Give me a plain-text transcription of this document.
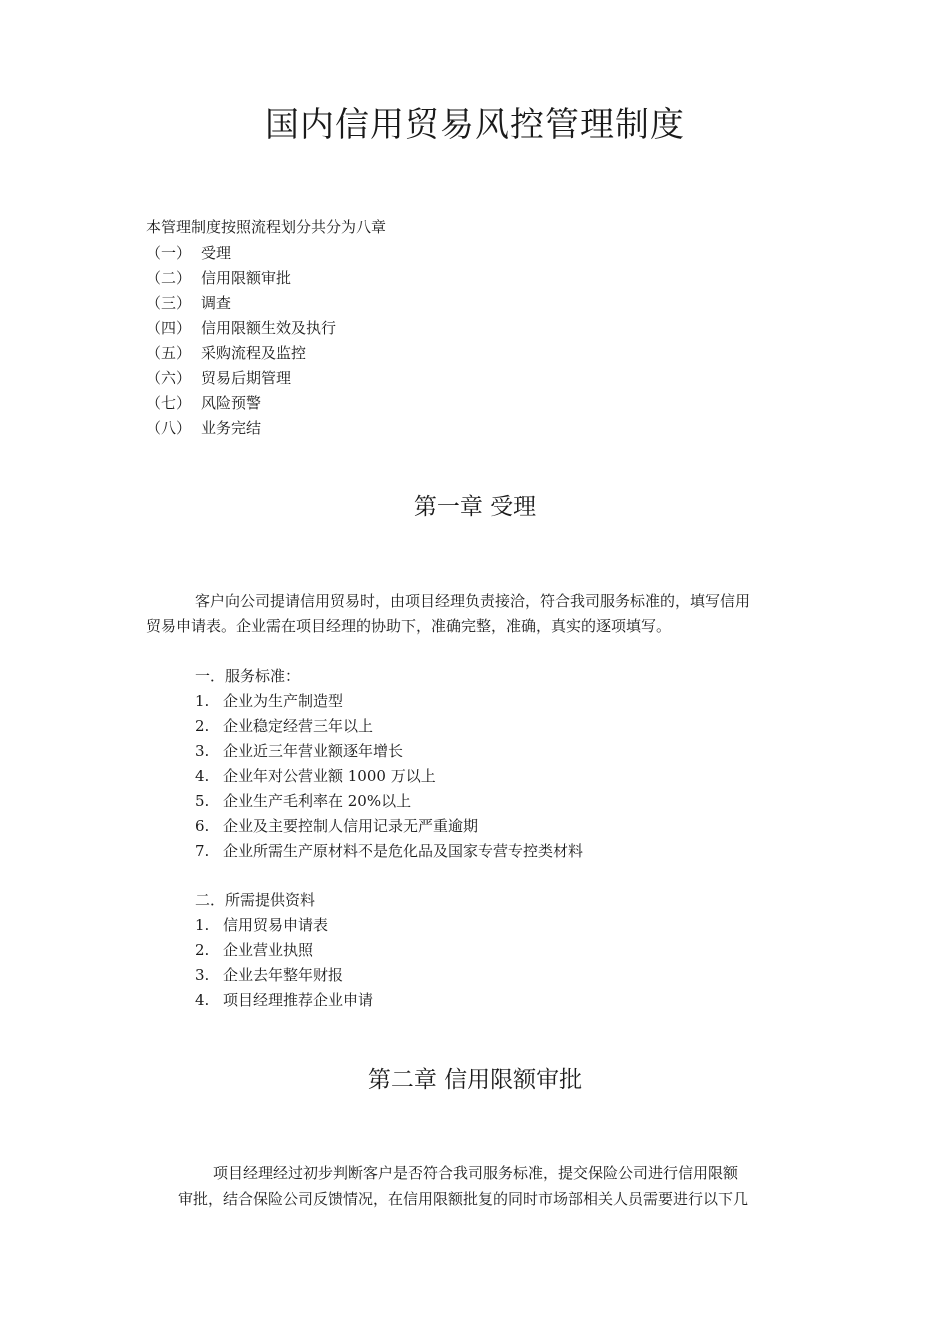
国内信用贸易风控管理制度
本管理制度按照流程划分共分为八章
（一） 受理
（二） 信用限额审批
（三） 调查
（四） 信用限额生效及执行
（五） 采购流程及监控
（六） 贸易后期管理
（七） 风险预警
（八） 业务完结
第一章 受理
客户向公司提请信用贸易时，由项目经理负责接洽，符合我司服务标准的，填写信用
贸易申请表。企业需在项目经理的协助下，准确完整，准确，真实的逐项填写。
一．服务标准：
1. 企业为生产制造型
2. 企业稳定经营三年以上
3. 企业近三年营业额逐年增长
4. 企业年对公营业额 1000 万以上
5. 企业生产毛利率在 20%以上
6. 企业及主要控制人信用记录无严重逾期
7. 企业所需生产原材料不是危化品及国家专营专控类材料
二．所需提供资料
1. 信用贸易申请表
2. 企业营业执照
3. 企业去年整年财报
4. 项目经理推荐企业申请
第二章 信用限额审批
项目经理经过初步判断客户是否符合我司服务标准，提交保险公司进行信用限额
审批，结合保险公司反馈情况，在信用限额批复的同时市场部相关人员需要进行以下几
